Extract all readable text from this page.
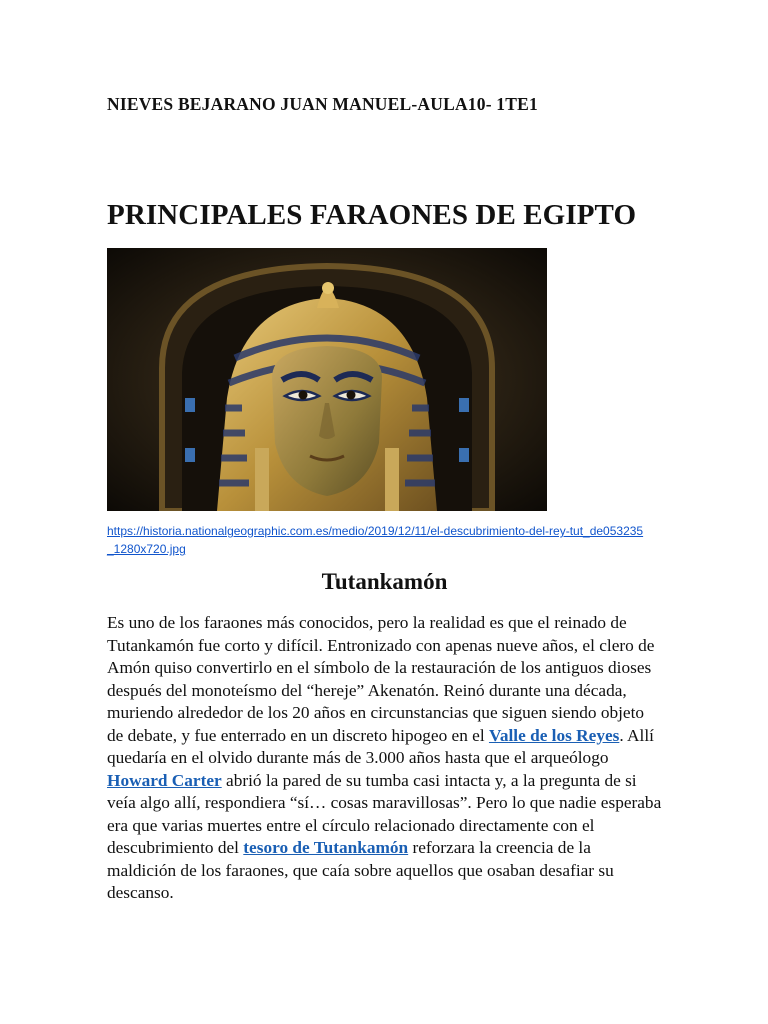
NIEVES BEJARANO JUAN MANUEL-AULA10- 1TE1
PRINCIPALES FARAONES DE EGIPTO
https://historia.nationalgeographic.com.es/medio/2019/12/11/el-descubrimiento-del-rey-tut_de053235_1280x720.jpg
Tutankamón

Es uno de los faraones más conocidos, pero la realidad es que el reinado de Tutankamón fue corto y difícil. Entronizado con apenas nueve años, el clero de Amón quiso convertirlo en el símbolo de la restauración de los antiguos dioses después del monoteísmo del “hereje” Akenatón. Reinó durante una década, muriendo alrededor de los 20 años en circunstancias que siguen siendo objeto de debate, y fue enterrado en un discreto hipogeo en el Valle de los Reyes. Allí quedaría en el olvido durante más de 3.000 años hasta que el arqueólogo Howard Carter abrió la pared de su tumba casi intacta y, a la pregunta de si veía algo allí, respondiera “sí… cosas maravillosas”. Pero lo que nadie esperaba era que varias muertes entre el círculo relacionado directamente con el descubrimiento del tesoro de Tutankamón reforzara la creencia de la maldición de los faraones, que caía sobre aquellos que osaban desafiar su descanso.
